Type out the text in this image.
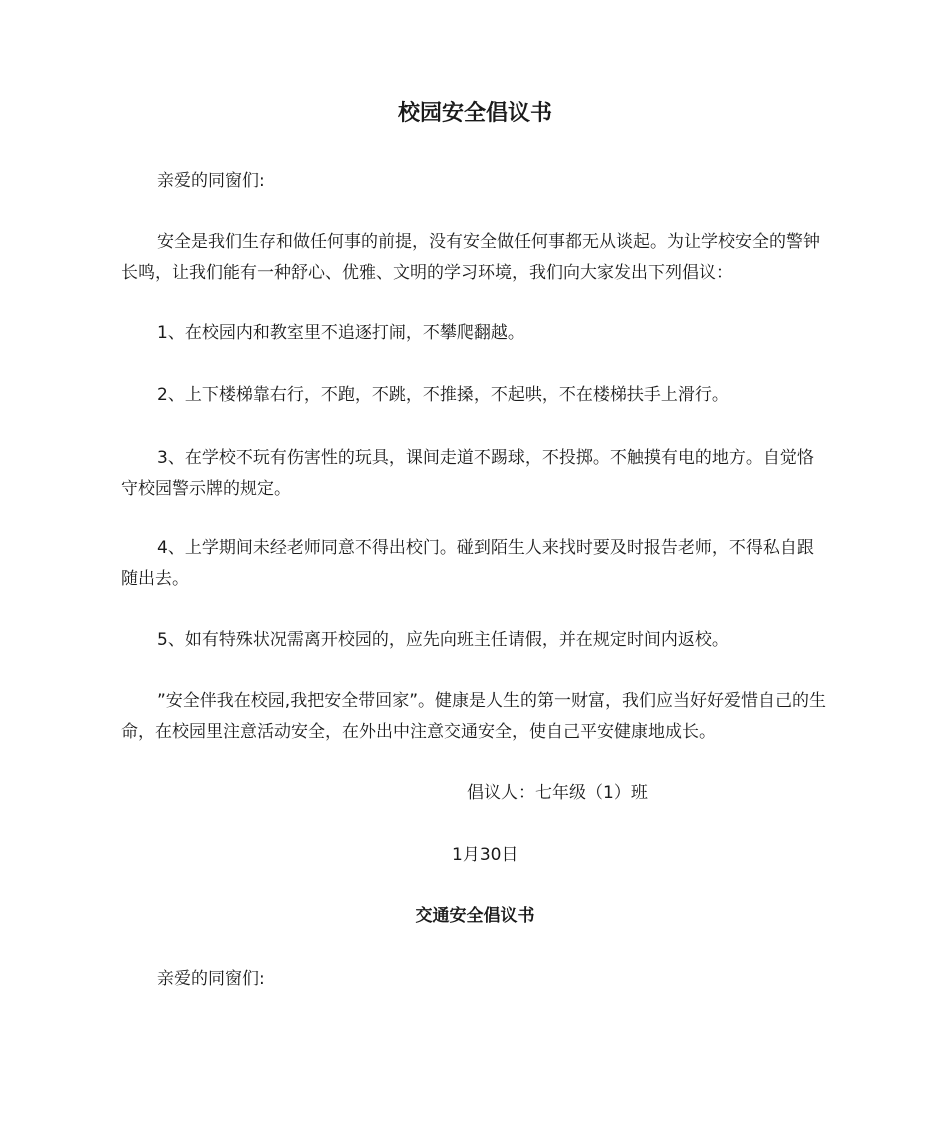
校园安全倡议书

亲爱的同窗们:

安全是我们生存和做任何事的前提，没有安全做任何事都无从谈起。为让学校安全的警钟长鸣，让我们能有一种舒心、优雅、文明的学习环境，我们向大家发出下列倡议：

1、在校园内和教室里不追逐打闹，不攀爬翻越。

2、上下楼梯靠右行，不跑，不跳，不推搡，不起哄，不在楼梯扶手上滑行。

3、在学校不玩有伤害性的玩具，课间走道不踢球，不投掷。不触摸有电的地方。自觉恪守校园警示牌的规定。

4、上学期间未经老师同意不得出校门。碰到陌生人来找时要及时报告老师，不得私自跟随出去。

5、如有特殊状况需离开校园的，应先向班主任请假，并在规定时间内返校。

”安全伴我在校园,我把安全带回家”。健康是人生的第一财富，我们应当好好爱惜自己的生命，在校园里注意活动安全，在外出中注意交通安全，使自己平安健康地成长。

倡议人：七年级（1）班
1月30日
交通安全倡议书

亲爱的同窗们:
